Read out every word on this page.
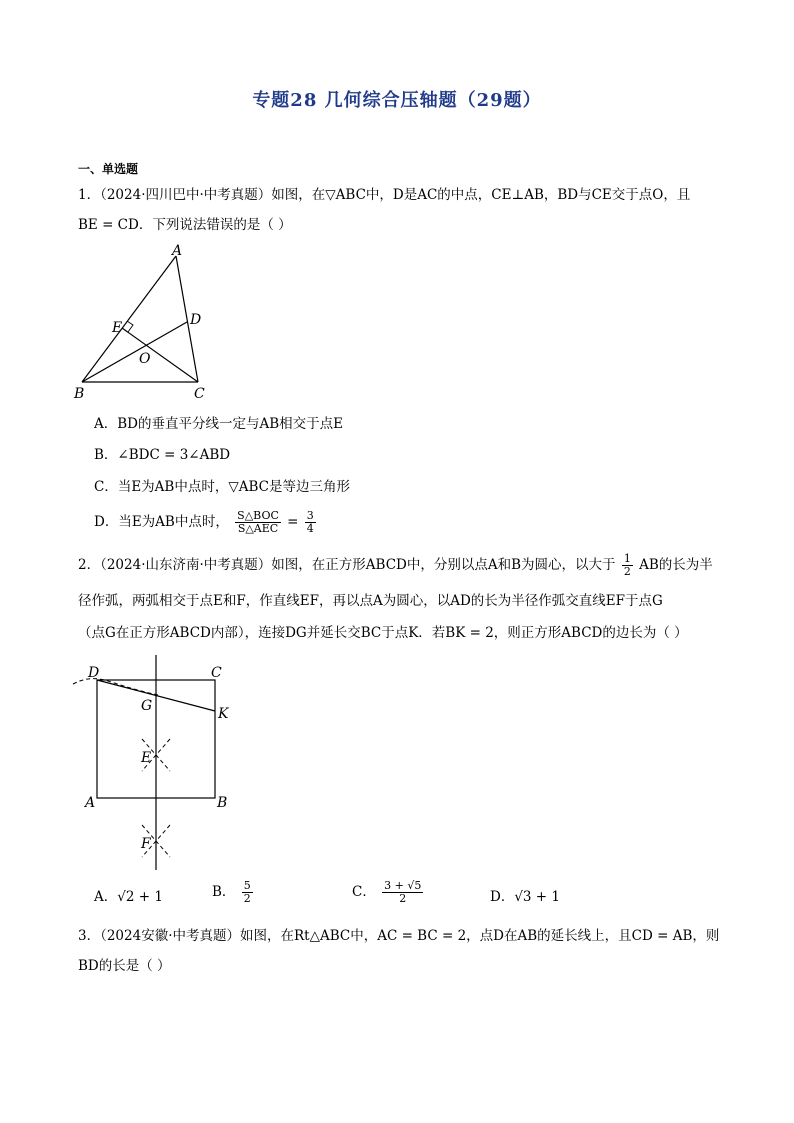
专题28 几何综合压轴题（29题）
一、单选题
1．（2024·四川巴中·中考真题）如图，在▽ABC中，D是AC的中点，CE⊥AB，BD与CE交于点O，且
BE = CD．下列说法错误的是（ ）
A
B	C
D
E
O
A．BD的垂直平分线一定与AB相交于点E
B．∠BDC = 3∠ABD
C．当E为AB中点时，▽ABC是等边三角形
D．当E为AB中点时， $\frac{\text{S△BOC}}{\text{S△AEC}} = \frac{3}{4}$
2．（2024·山东济南·中考真题）如图，在正方形ABCD中，分别以点A和B为圆心，以大于 $\frac{1}{2}$ AB的长为半
径作弧，两弧相交于点E和F，作直线EF，再以点A为圆心，以AD的长为半径作弧交直线EF于点G
（点G在正方形ABCD内部），连接DG并延长交BC于点K．若BK = 2，则正方形ABCD的边长为（ ）
D	C
A	B
G	K
E
F
A．√2 + 1	B． $\frac{5}{2}$	C． $\frac{3 + √5}{2}$	D．√3 + 1
3．（2024安徽·中考真题）如图，在Rt△ABC中，AC = BC = 2，点D在AB的延长线上，且CD = AB，则
BD的长是（ ）
